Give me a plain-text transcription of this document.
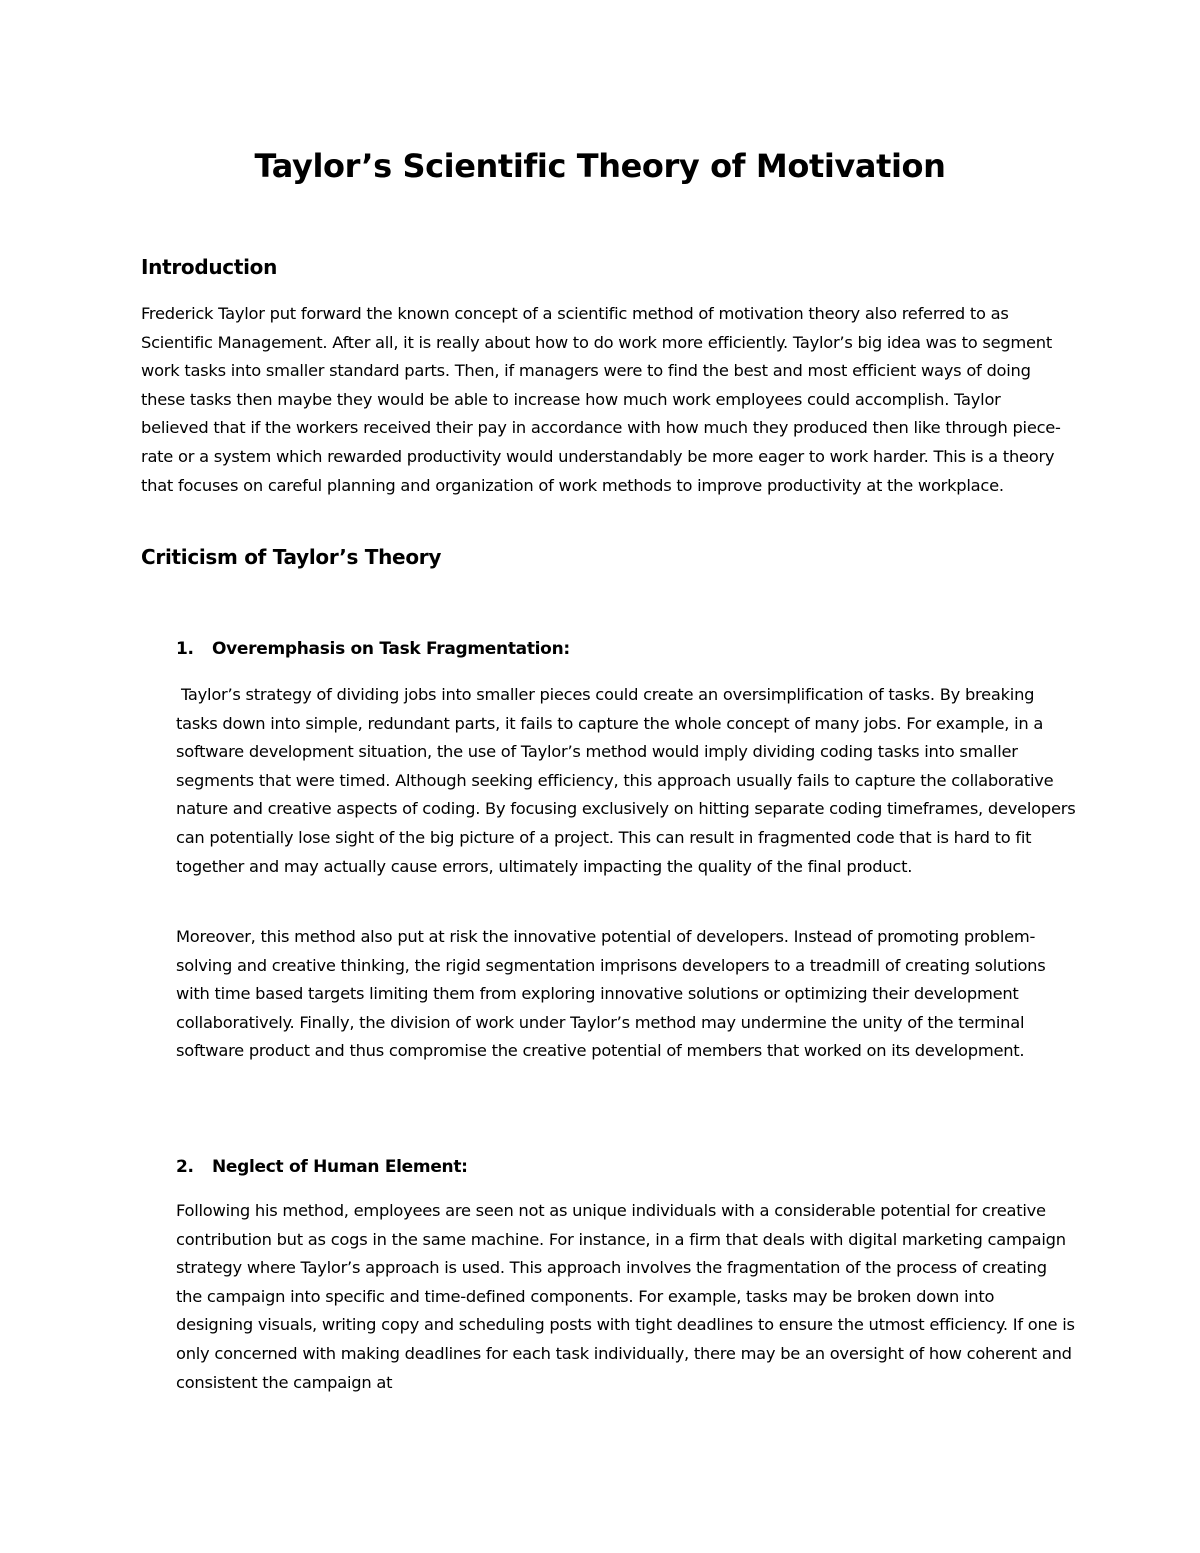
Taylor’s Scientific Theory of Motivation
Introduction

Frederick Taylor put forward the known concept of a scientific method of motivation theory also referred to as Scientific Management. After all, it is really about how to do work more efficiently. Taylor’s big idea was to segment work tasks into smaller standard parts. Then, if managers were to find the best and most efficient ways of doing these tasks then maybe they would be able to increase how much work employees could accomplish. Taylor believed that if the workers received their pay in accordance with how much they produced then like through piece-rate or a system which rewarded productivity would understandably be more eager to work harder. This is a theory that focuses on careful planning and organization of work methods to improve productivity at the workplace.

Criticism of Taylor’s Theory
1. Overemphasis on Task Fragmentation:

Taylor’s strategy of dividing jobs into smaller pieces could create an oversimplification of tasks. By breaking tasks down into simple, redundant parts, it fails to capture the whole concept of many jobs. For example, in a software development situation, the use of Taylor’s method would imply dividing coding tasks into smaller segments that were timed. Although seeking efficiency, this approach usually fails to capture the collaborative nature and creative aspects of coding. By focusing exclusively on hitting separate coding timeframes, developers can potentially lose sight of the big picture of a project. This can result in fragmented code that is hard to fit together and may actually cause errors, ultimately impacting the quality of the final product.

Moreover, this method also put at risk the innovative potential of developers. Instead of promoting problem-solving and creative thinking, the rigid segmentation imprisons developers to a treadmill of creating solutions with time based targets limiting them from exploring innovative solutions or optimizing their development collaboratively. Finally, the division of work under Taylor’s method may undermine the unity of the terminal software product and thus compromise the creative potential of members that worked on its development.

2. Neglect of Human Element:

Following his method, employees are seen not as unique individuals with a considerable potential for creative contribution but as cogs in the same machine. For instance, in a firm that deals with digital marketing campaign strategy where Taylor’s approach is used. This approach involves the fragmentation of the process of creating the campaign into specific and time-defined components. For example, tasks may be broken down into designing visuals, writing copy and scheduling posts with tight deadlines to ensure the utmost efficiency. If one is only concerned with making deadlines for each task individually, there may be an oversight of how coherent and consistent the campaign at
